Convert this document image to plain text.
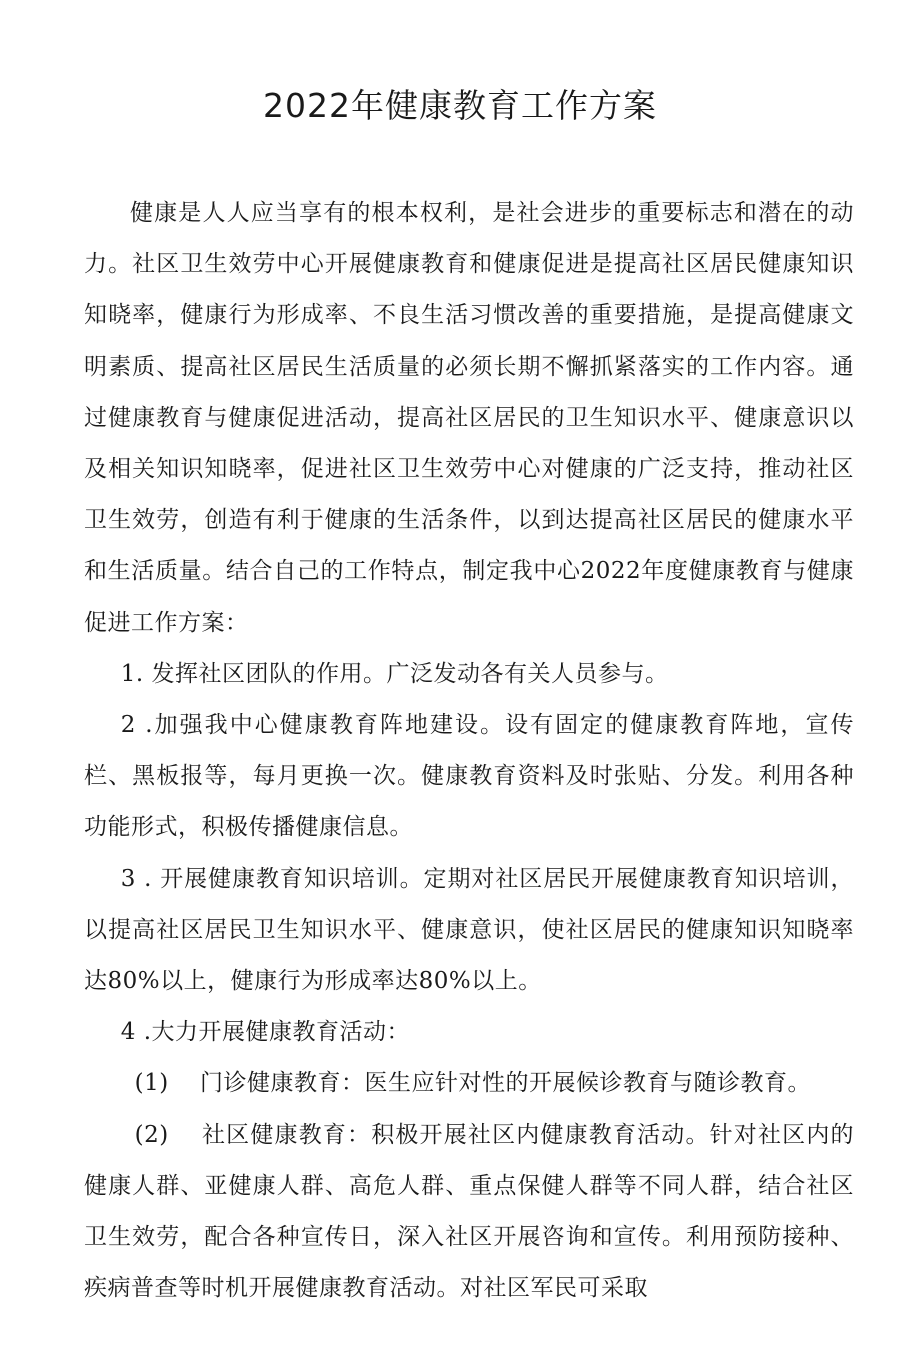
2022年健康教育工作方案

健康是人人应当享有的根本权利，是社会进步的重要标志和潜在的动力。社区卫生效劳中心开展健康教育和健康促进是提高社区居民健康知识知晓率，健康行为形成率、不良生活习惯改善的重要措施，是提高健康文明素质、提高社区居民生活质量的必须长期不懈抓紧落实的工作内容。通过健康教育与健康促进活动，提高社区居民的卫生知识水平、健康意识以及相关知识知晓率，促进社区卫生效劳中心对健康的广泛支持，推动社区卫生效劳，创造有利于健康的生活条件，以到达提高社区居民的健康水平和生活质量。结合自己的工作特点，制定我中心2022年度健康教育与健康促进工作方案：

1. 发挥社区团队的作用。广泛发动各有关人员参与。

2 .加强我中心健康教育阵地建设。设有固定的健康教育阵地，宣传栏、黑板报等，每月更换一次。健康教育资料及时张贴、分发。利用各种功能形式，积极传播健康信息。

3 . 开展健康教育知识培训。定期对社区居民开展健康教育知识培训，以提高社区居民卫生知识水平、健康意识，使社区居民的健康知识知晓率达80%以上，健康行为形成率达80%以上。

4 .大力开展健康教育活动：

(1)　 门诊健康教育：医生应针对性的开展候诊教育与随诊教育。

(2)　 社区健康教育：积极开展社区内健康教育活动。针对社区内的健康人群、亚健康人群、高危人群、重点保健人群等不同人群，结合社区卫生效劳，配合各种宣传日，深入社区开展咨询和宣传。利用预防接种、疾病普查等时机开展健康教育活动。对社区军民可采取
